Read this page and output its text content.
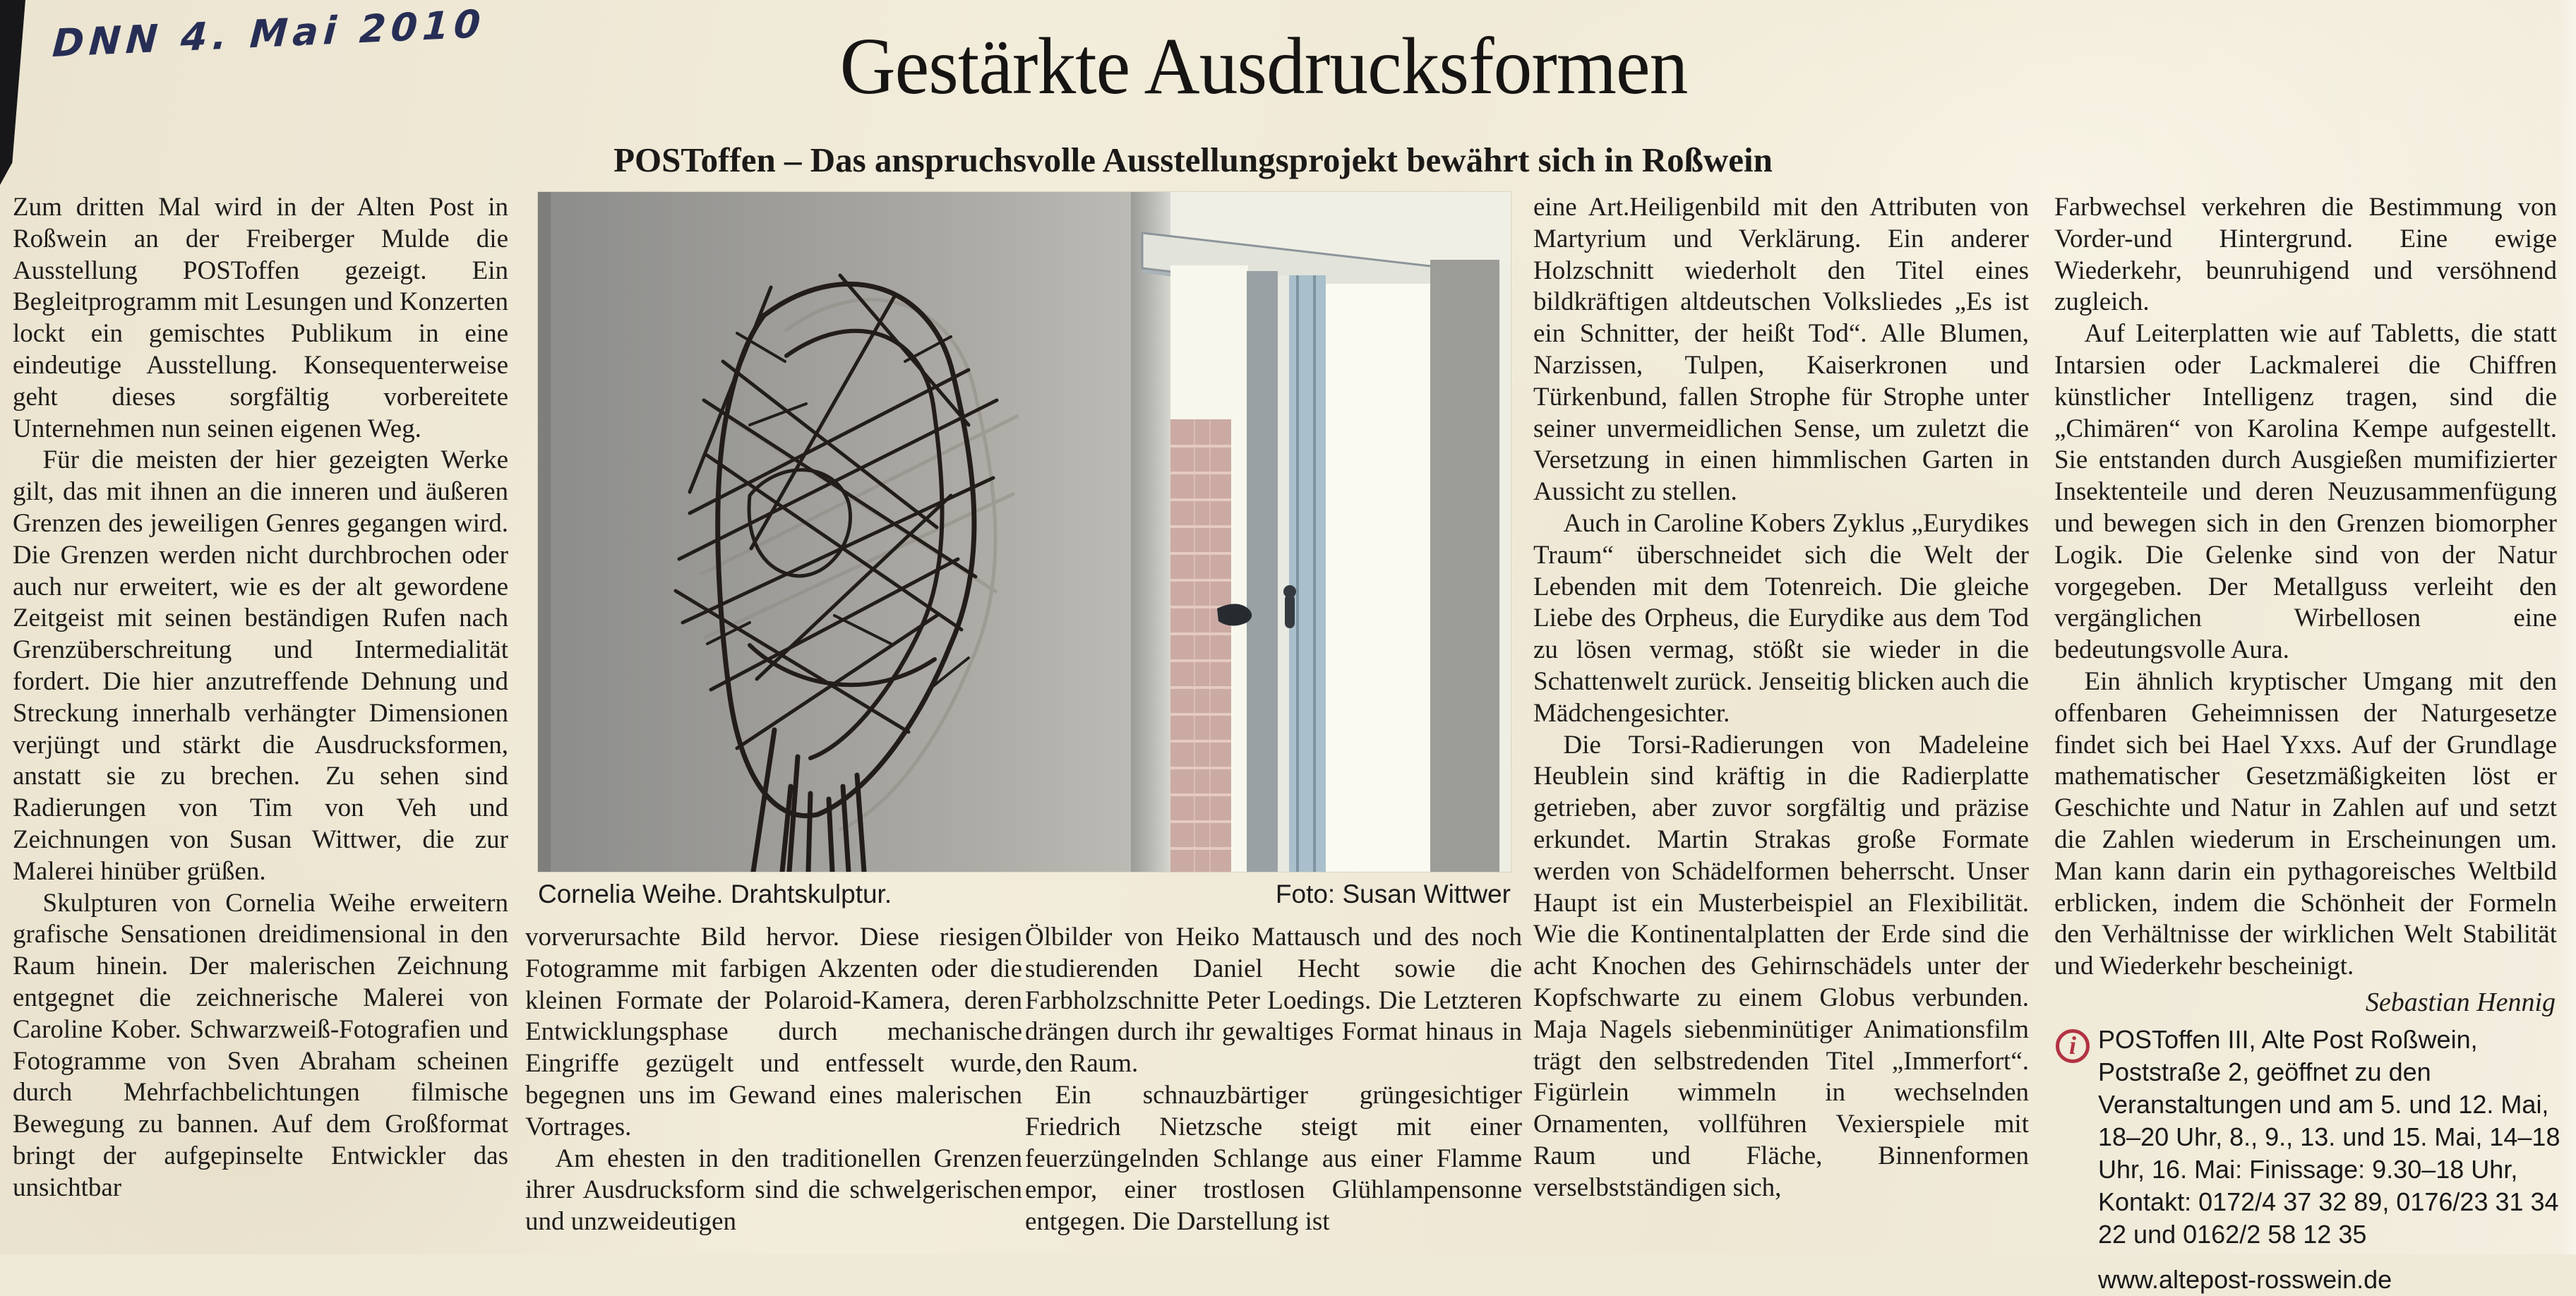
DNN 4. Mai 2010	Gestärkte Ausdrucksformen
POSToffen – Das anspruchsvolle Ausstellungsprojekt bewährt sich in Roßwein

Zum dritten Mal wird in der Alten Post in Roßwein an der Freiberger Mulde die Ausstellung POSToffen gezeigt. Ein Begleitprogramm mit Lesungen und Konzerten lockt ein gemischtes Publikum in eine eindeutige Ausstellung. Konsequenterweise geht dieses sorgfältig vorbereitete Unternehmen nun seinen eigenen Weg.

Für die meisten der hier gezeigten Werke gilt, das mit ihnen an die inneren und äußeren Grenzen des jeweiligen Genres gegangen wird. Die Grenzen werden nicht durchbrochen oder auch nur erweitert, wie es der alt gewordene Zeitgeist mit seinen beständigen Rufen nach Grenzüberschreitung und Intermedialität fordert. Die hier anzutreffende Dehnung und Streckung innerhalb verhängter Dimensionen verjüngt und stärkt die Ausdrucksformen, anstatt sie zu brechen. Zu sehen sind Radierungen von Tim von Veh und Zeichnungen von Susan Wittwer, die zur Malerei hinüber grüßen.

Skulpturen von Cornelia Weihe erweitern grafische Sensationen dreidimensional in den Raum hinein. Der malerischen Zeichnung entgegnet die zeichnerische Malerei von Caroline Kober. Schwarzweiß-Fotografien und Fotogramme von Sven Abraham scheinen durch Mehrfachbelichtungen filmische Bewegung zu bannen. Auf dem Großformat bringt der aufgepinselte Entwickler das unsichtbar

Cornelia Weihe. Drahtskulptur.	Foto: Susan Wittwer

vorverursachte Bild hervor. Diese riesigen Fotogramme mit farbigen Akzenten oder die kleinen Formate der Polaroid-Kamera, deren Entwicklungsphase durch mechanische Eingriffe gezügelt und entfesselt wurde, begegnen uns im Gewand eines malerischen Vortrages.

Am ehesten in den traditionellen Grenzen ihrer Ausdrucksform sind die schwelgerischen und unzweideutigen

Ölbilder von Heiko Mattausch und des noch studierenden Daniel Hecht sowie die Farbholzschnitte Peter Loedings. Die Letzteren drängen durch ihr gewaltiges Format hinaus in den Raum.

Ein schnauzbärtiger grüngesichtiger Friedrich Nietzsche steigt mit einer feuerzüngelnden Schlange aus einer Flamme empor, einer trostlosen Glühlampensonne entgegen. Die Darstellung ist

eine Art.Heiligenbild mit den Attributen von Martyrium und Verklärung. Ein anderer Holzschnitt wiederholt den Titel eines bildkräftigen altdeutschen Volksliedes „Es ist ein Schnitter, der heißt Tod“. Alle Blumen, Narzissen, Tulpen, Kaiserkronen und Türkenbund, fallen Strophe für Strophe unter seiner unvermeidlichen Sense, um zuletzt die Versetzung in einen himmlischen Garten in Aussicht zu stellen.

Auch in Caroline Kobers Zyklus „Eurydikes Traum“ überschneidet sich die Welt der Lebenden mit dem Totenreich. Die gleiche Liebe des Orpheus, die Eurydike aus dem Tod zu lösen vermag, stößt sie wieder in die Schattenwelt zurück. Jenseitig blicken auch die Mädchengesichter.

Die Torsi-Radierungen von Madeleine Heublein sind kräftig in die Radierplatte getrieben, aber zuvor sorgfältig und präzise erkundet. Martin Strakas große Formate werden von Schädelformen beherrscht. Unser Haupt ist ein Musterbeispiel an Flexibilität. Wie die Kontinentalplatten der Erde sind die acht Knochen des Gehirnschädels unter der Kopfschwarte zu einem Globus verbunden. Maja Nagels siebenminütiger Animationsfilm trägt den selbstredenden Titel „Immerfort“. Figürlein wimmeln in wechselnden Ornamenten, vollführen Vexierspiele mit Raum und Fläche, Binnenformen verselbstständigen sich,

Farbwechsel verkehren die Bestimmung von Vorder-und Hintergrund. Eine ewige Wiederkehr, beunruhigend und versöhnend zugleich.

Auf Leiterplatten wie auf Tabletts, die statt Intarsien oder Lackmalerei die Chiffren künstlicher Intelligenz tragen, sind die „Chimären“ von Karolina Kempe aufgestellt. Sie entstanden durch Ausgießen mumifizierter Insektenteile und deren Neuzusammenfügung und bewegen sich in den Grenzen biomorpher Logik. Die Gelenke sind von der Natur vorgegeben. Der Metallguss verleiht den vergänglichen Wirbellosen eine bedeutungsvolle Aura.

Ein ähnlich kryptischer Umgang mit den offenbaren Geheimnissen der Naturgesetze findet sich bei Hael Yxxs. Auf der Grundlage mathematischer Gesetzmäßigkeiten löst er Geschichte und Natur in Zahlen auf und setzt die Zahlen wiederum in Erscheinungen um. Man kann darin ein pythagoreisches Weltbild erblicken, indem die Schönheit der Formeln den Verhältnisse der wirklichen Welt Stabilität und Wiederkehr bescheinigt.

Sebastian Hennig
i POSToffen III, Alte Post Roßwein, Poststraße 2, geöffnet zu den Veranstaltungen und am 5. und 12. Mai, 18–20 Uhr, 8., 9., 13. und 15. Mai, 14–18 Uhr, 16. Mai: Finissage: 9.30–18 Uhr, Kontakt: 0172/4 37 32 89, 0176/23 31 34 22 und 0162/2 58 12 35
www.altepost-rosswein.de
